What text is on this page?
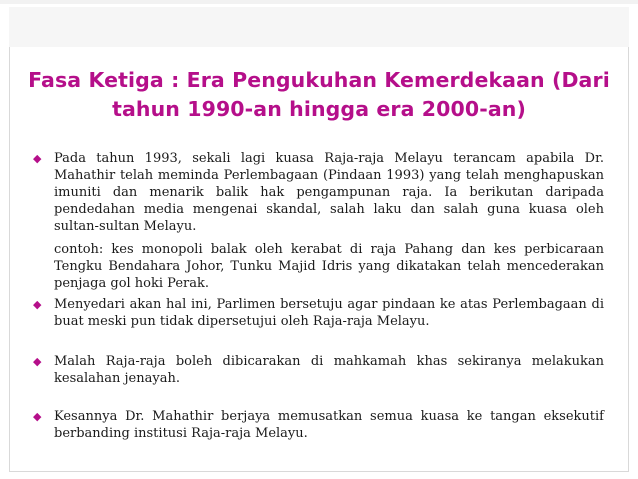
Fasa Ketiga : Era Pengukuhan Kemerdekaan (Dari
tahun 1990-an hingga era 2000-an)
◆ Pada tahun 1993, sekali lagi kuasa Raja-raja Melayu terancam apabila Dr. Mahathir telah meminda Perlembagaan (Pindaan 1993) yang telah menghapuskan imuniti dan menarik balik hak pengampunan raja. Ia berikutan daripada pendedahan media mengenai skandal, salah laku dan salah guna kuasa oleh sultan-sultan Melayu.

contoh: kes monopoli balak oleh kerabat di raja Pahang dan kes perbicaraan Tengku Bendahara Johor, Tunku Majid Idris yang dikatakan telah mencederakan penjaga gol hoki Perak.

◆ Menyedari akan hal ini, Parlimen bersetuju agar pindaan ke atas Perlembagaan di buat meski pun tidak dipersetujui oleh Raja-raja Melayu.

◆ Malah Raja-raja boleh dibicarakan di mahkamah khas sekiranya melakukan kesalahan jenayah.

◆ Kesannya Dr. Mahathir berjaya memusatkan semua kuasa ke tangan eksekutif berbanding institusi Raja-raja Melayu.
